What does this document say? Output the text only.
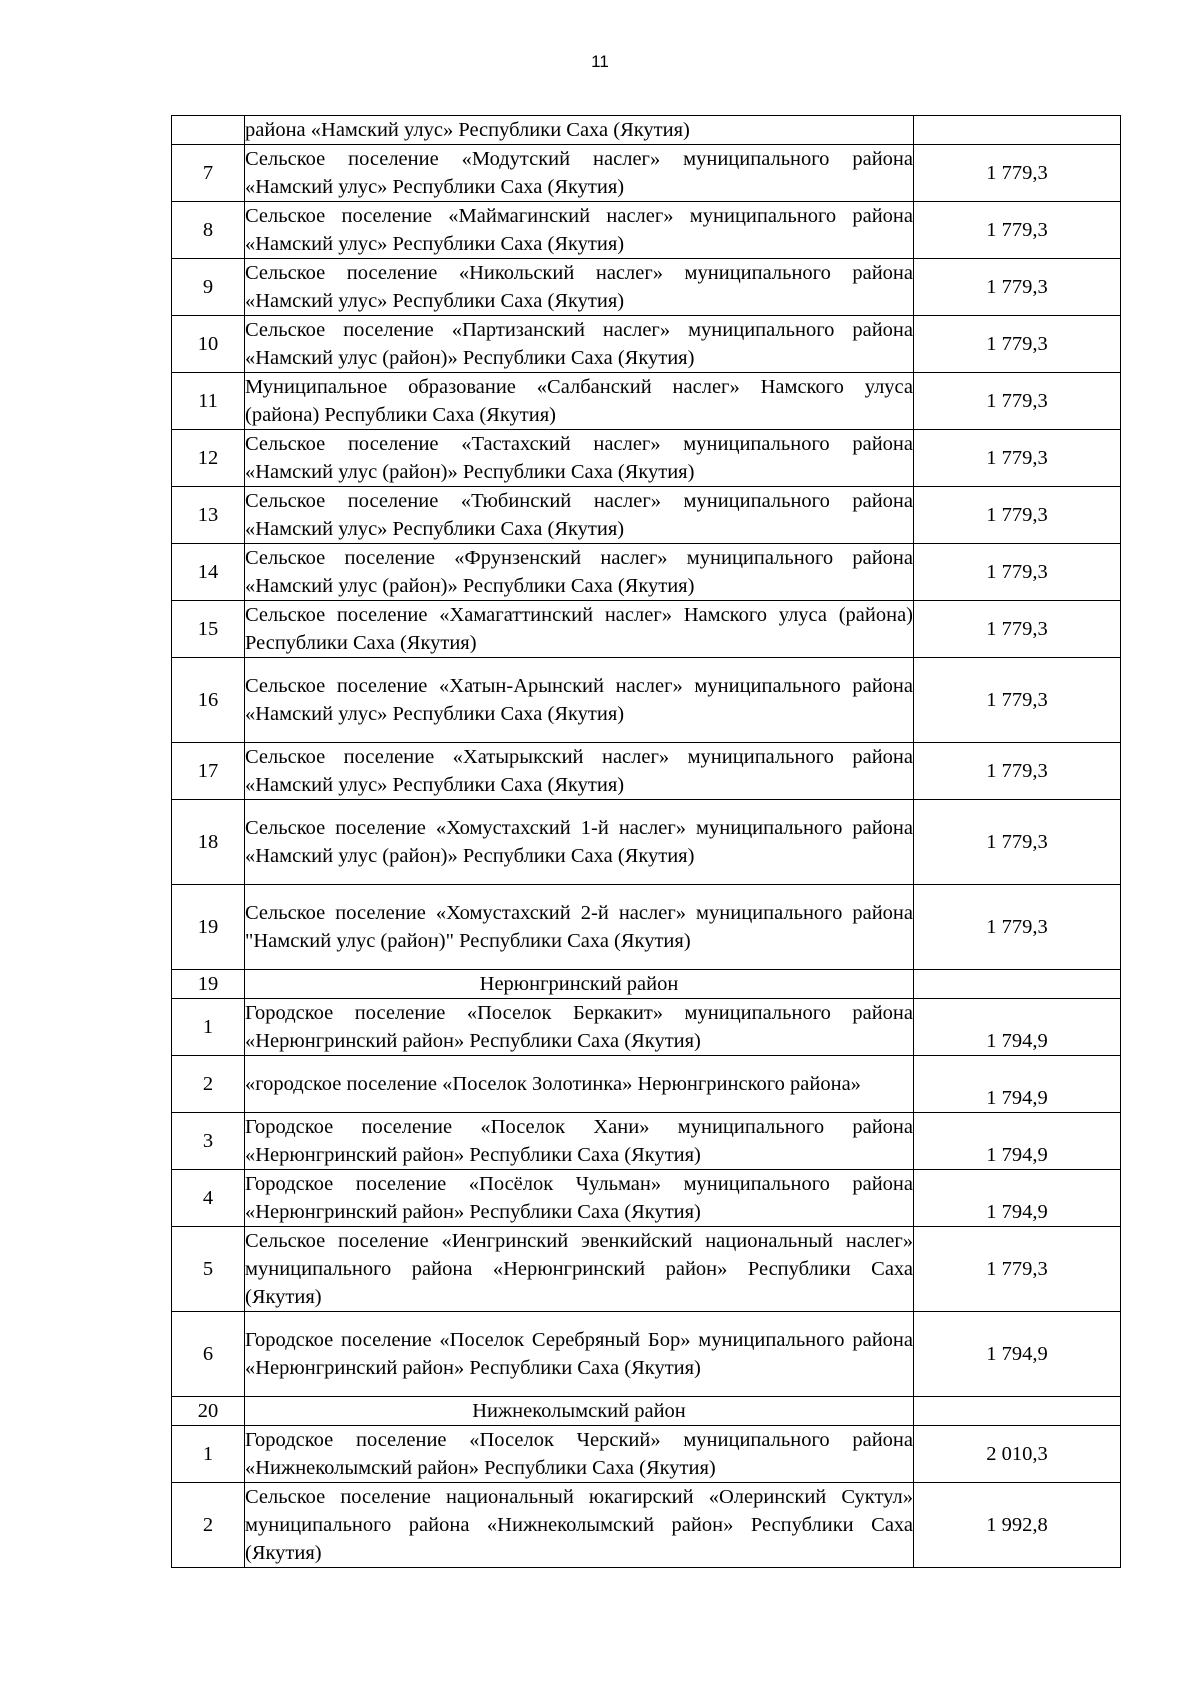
11

	района «Намский улус» Республики Саха (Якутия)	

7	Сельское поселение «Модутский наслег» муниципального района «Намский улус» Республики Саха (Якутия)	1 779,3
8	Сельское поселение «Маймагинский наслег» муниципального района «Намский улус» Республики Саха (Якутия)	1 779,3
9	Сельское поселение «Никольский наслег» муниципального района «Намский улус» Республики Саха (Якутия)	1 779,3
10	Сельское поселение «Партизанский наслег» муниципального района «Намский улус (район)» Республики Саха (Якутия)	1 779,3
11	Муниципальное образование «Салбанский наслег» Намского улуса (района) Республики Саха (Якутия)	1 779,3
12	Сельское поселение «Тастахский наслег» муниципального района «Намский улус (район)» Республики Саха (Якутия)	1 779,3
13	Сельское поселение «Тюбинский наслег» муниципального района «Намский улус» Республики Саха (Якутия)	1 779,3
14	Сельское поселение «Фрунзенский наслег» муниципального района «Намский улус (район)» Республики Саха (Якутия)	1 779,3
15	Сельское поселение «Хамагаттинский наслег» Намского улуса (района) Республики Саха (Якутия)	1 779,3
16	Сельское поселение «Хатын-Арынский наслег» муниципального района «Намский улус» Республики Саха (Якутия)	1 779,3
17	Сельское поселение «Хатырыкский наслег» муниципального района «Намский улус» Республики Саха (Якутия)	1 779,3
18	Сельское поселение «Хомустахский 1-й наслег» муниципального района «Намский улус (район)» Республики Саха (Якутия)	1 779,3
19	Сельское поселение «Хомустахский 2-й наслег» муниципального района "Намский улус (район)" Республики Саха (Якутия)	1 779,3
19	Нерюнгринский район	

1	Городское поселение «Поселок Беркакит» муниципального района «Нерюнгринский район» Республики Саха (Якутия)	1 794,9
2	«городское поселение «Поселок Золотинка» Нерюнгринского района»	1 794,9
3	Городское поселение «Поселок Хани» муниципального района «Нерюнгринский район» Республики Саха (Якутия)	1 794,9
4	Городское поселение «Посёлок Чульман» муниципального района «Нерюнгринский район» Республики Саха (Якутия)	1 794,9
5	Сельское поселение «Иенгринский эвенкийский национальный наслег» муниципального района «Нерюнгринский район» Республики Саха (Якутия)	1 779,3
6	Городское поселение «Поселок Серебряный Бор» муниципального района «Нерюнгринский район» Республики Саха (Якутия)	1 794,9
20	Нижнеколымский район	

1	Городское поселение «Поселок Черский» муниципального района «Нижнеколымский район» Республики Саха (Якутия)	2 010,3
2	Сельское поселение национальный юкагирский «Олеринский Суктул» муниципального района «Нижнеколымский район» Республики Саха (Якутия)	1 992,8
